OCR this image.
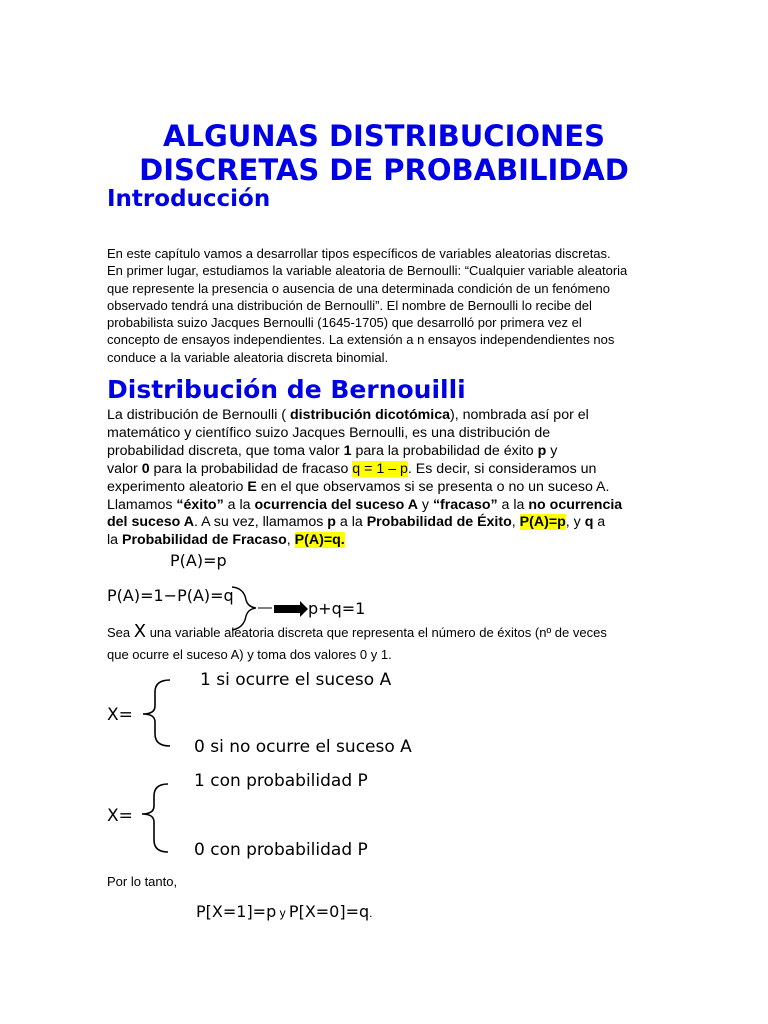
ALGUNAS DISTRIBUCIONES
DISCRETAS DE PROBABILIDAD
Introducción
En este capítulo vamos a desarrollar tipos específicos de variables aleatorias discretas.
En primer lugar, estudiamos la variable aleatoria de Bernoulli: “Cualquier variable aleatoria
que represente la presencia o ausencia de una determinada condición de un fenómeno
observado tendrá una distribución de Bernoulli”. El nombre de Bernoulli lo recibe del
probabilista suizo Jacques Bernoulli (1645-1705) que desarrolló por primera vez el
concepto de ensayos independientes. La extensión a n ensayos independendientes nos
conduce a la variable aleatoria discreta binomial.
Distribución de Bernouilli
La distribución de Bernoulli ( distribución dicotómica), nombrada así por el
matemático y científico suizo Jacques Bernoulli, es una distribución de
probabilidad discreta, que toma valor 1 para la probabilidad de éxito p y
valor 0 para la probabilidad de fracaso q = 1 – p. Es decir, si consideramos un
experimento aleatorio E en el que observamos si se presenta o no un suceso A.
Llamamos “éxito” a la ocurrencia del suceso A y “fracaso” a la no ocurrencia
del suceso A. A su vez, llamamos p a la Probabilidad de Éxito, P(A)=p, y q a
la Probabilidad de Fracaso, P(A)=q.
P(A)=p
P(A)=1−P(A)=q
p+q=1
Sea X una variable aleatoria discreta que representa el número de éxitos (nº de veces
que ocurre el suceso A) y toma dos valores 0 y 1.
X=
1 si ocurre el suceso A
0 si no ocurre el suceso A
X=
1 con probabilidad P
0 con probabilidad P
Por lo tanto,
P[X=1]=p y P[X=0]=q.
